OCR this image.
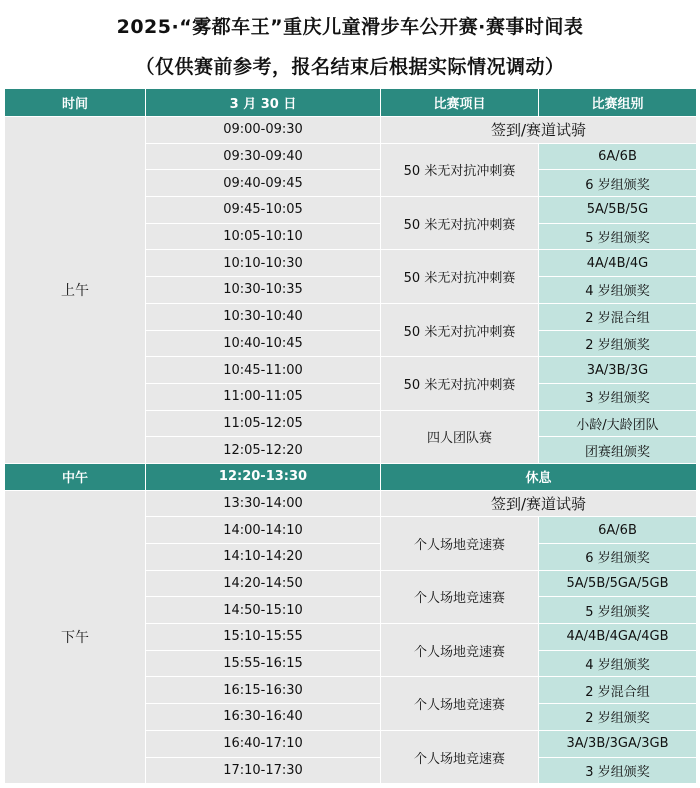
2025·“雾都车王”重庆儿童滑步车公开赛·赛事时间表
（仅供赛前参考，报名结束后根据实际情况调动）
时间	3 月 30 日	比赛项目	比赛组别
上午	09:00-09:30	签到/赛道试骑	
	09:30-09:40	50 米无对抗冲刺赛	6A/6B
	09:40-09:45		6 岁组颁奖
	09:45-10:05	50 米无对抗冲刺赛	5A/5B/5G
	10:05-10:10		5 岁组颁奖
	10:10-10:30	50 米无对抗冲刺赛	4A/4B/4G
	10:30-10:35		4 岁组颁奖
	10:30-10:40	50 米无对抗冲刺赛	2 岁混合组
	10:40-10:45		2 岁组颁奖
	10:45-11:00	50 米无对抗冲刺赛	3A/3B/3G
	11:00-11:05		3 岁组颁奖
	11:05-12:05	四人团队赛	小龄/大龄团队
	12:05-12:20		团赛组颁奖
中午	12:20-13:30	休息	
下午	13:30-14:00	签到/赛道试骑	
	14:00-14:10	个人场地竞速赛	6A/6B
	14:10-14:20		6 岁组颁奖
	14:20-14:50	个人场地竞速赛	5A/5B/5GA/5GB
	14:50-15:10		5 岁组颁奖
	15:10-15:55	个人场地竞速赛	4A/4B/4GA/4GB
	15:55-16:15		4 岁组颁奖
	16:15-16:30	个人场地竞速赛	2 岁混合组
	16:30-16:40		2 岁组颁奖
	16:40-17:10	个人场地竞速赛	3A/3B/3GA/3GB
	17:10-17:30		3 岁组颁奖
